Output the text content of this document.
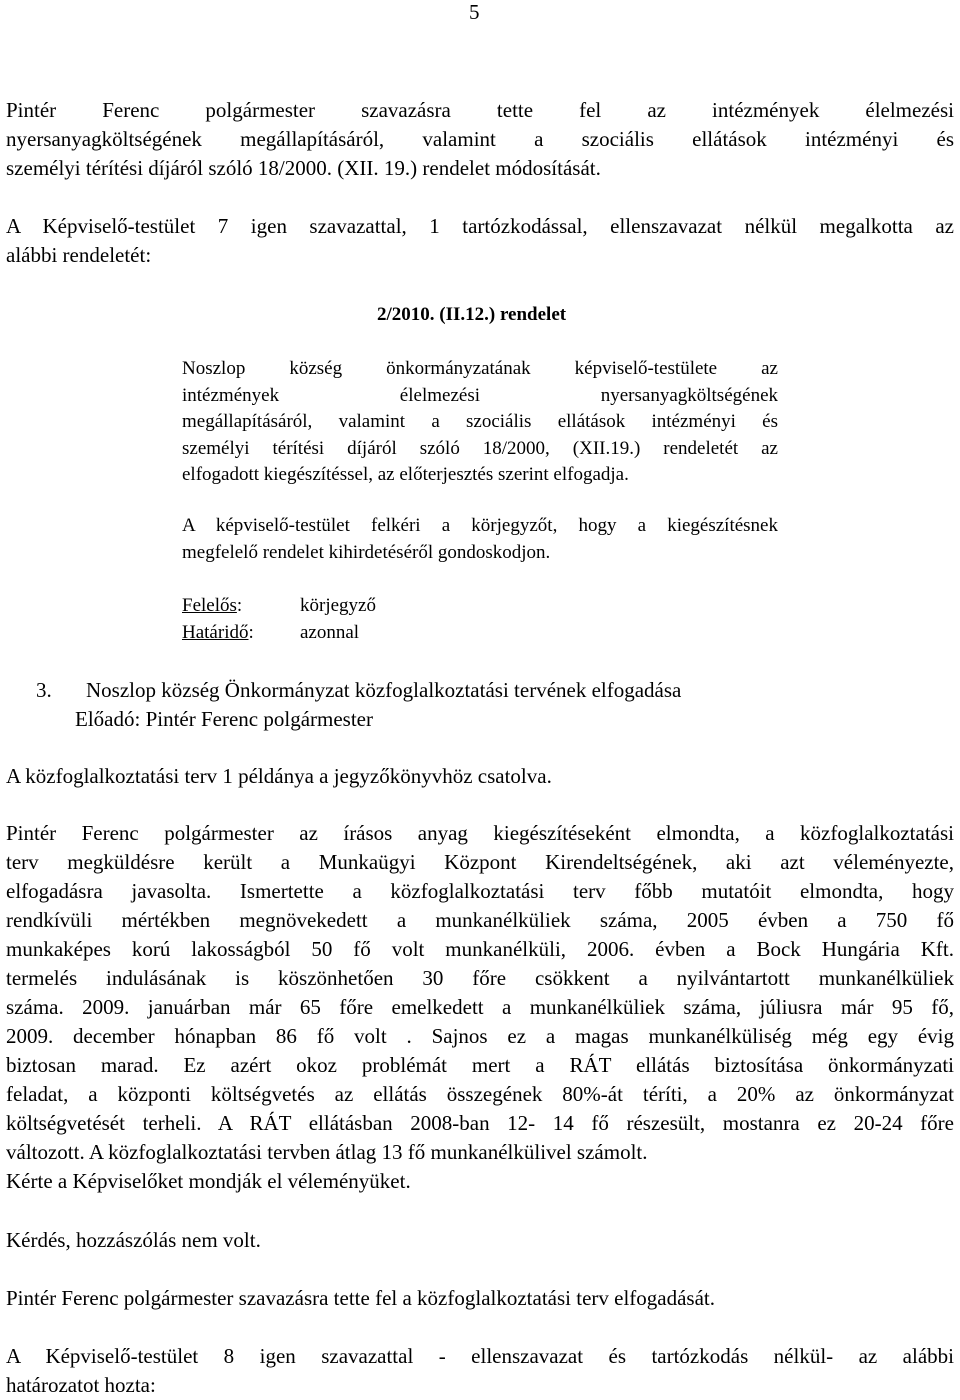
5

Pintér Ferenc polgármester szavazásra tette fel az intézmények élelmezési
nyersanyagköltségének megállapításáról, valamint a szociális ellátások intézményi és
személyi térítési díjáról szóló 18/2000. (XII. 19.) rendelet módosítását.

A Képviselő-testület 7 igen szavazattal, 1 tartózkodással, ellenszavazat nélkül megalkotta az
alábbi rendeletét:

2/2010. (II.12.) rendelet

Noszlop község önkormányzatának képviselő-testülete az
intézmények élelmezési nyersanyagköltségének
megállapításáról, valamint a szociális ellátások intézményi és
személyi térítési díjáról szóló 18/2000, (XII.19.) rendeletét az
elfogadott kiegészítéssel, az előterjesztés szerint elfogadja.

A képviselő-testület felkéri a körjegyzőt, hogy a kiegészítésnek
megfelelő rendelet kihirdetéséről gondoskodjon.

Felelős:	körjegyző
Határidő:	azonnal
3. Noszlop község Önkormányzat közfoglalkoztatási tervének elfogadása
Előadó: Pintér Ferenc polgármester

A közfoglalkoztatási terv 1 példánya a jegyzőkönyvhöz csatolva.

Pintér Ferenc polgármester az írásos anyag kiegészítéseként elmondta, a közfoglalkoztatási
terv megküldésre került a Munkaügyi Központ Kirendeltségének, aki azt véleményezte,
elfogadásra javasolta. Ismertette a közfoglalkoztatási terv főbb mutatóit elmondta, hogy
rendkívüli mértékben megnövekedett a munkanélküliek száma, 2005 évben a 750 fő
munkaképes korú lakosságból 50 fő volt munkanélküli, 2006. évben a Bock Hungária Kft.
termelés indulásának is köszönhetően 30 főre csökkent a nyilvántartott munkanélküliek
száma. 2009. januárban már 65 főre emelkedett a munkanélküliek száma, júliusra már 95 fő,
2009. december hónapban 86 fő volt . Sajnos ez a magas munkanélküliség még egy évig
biztosan marad. Ez azért okoz problémát mert a RÁT ellátás biztosítása önkormányzati
feladat, a központi költségvetés az ellátás összegének 80%-át téríti, a 20% az önkormányzat
költségvetését terheli. A RÁT ellátásban 2008-ban 12- 14 fő részesült, mostanra ez 20-24 főre
változott. A közfoglalkoztatási tervben átlag 13 fő munkanélkülivel számolt.
Kérte a Képviselőket mondják el véleményüket.

Kérdés, hozzászólás nem volt.

Pintér Ferenc polgármester szavazásra tette fel a közfoglalkoztatási terv elfogadását.

A Képviselő-testület 8 igen szavazattal - ellenszavazat és tartózkodás nélkül- az alábbi
határozatot hozta:
